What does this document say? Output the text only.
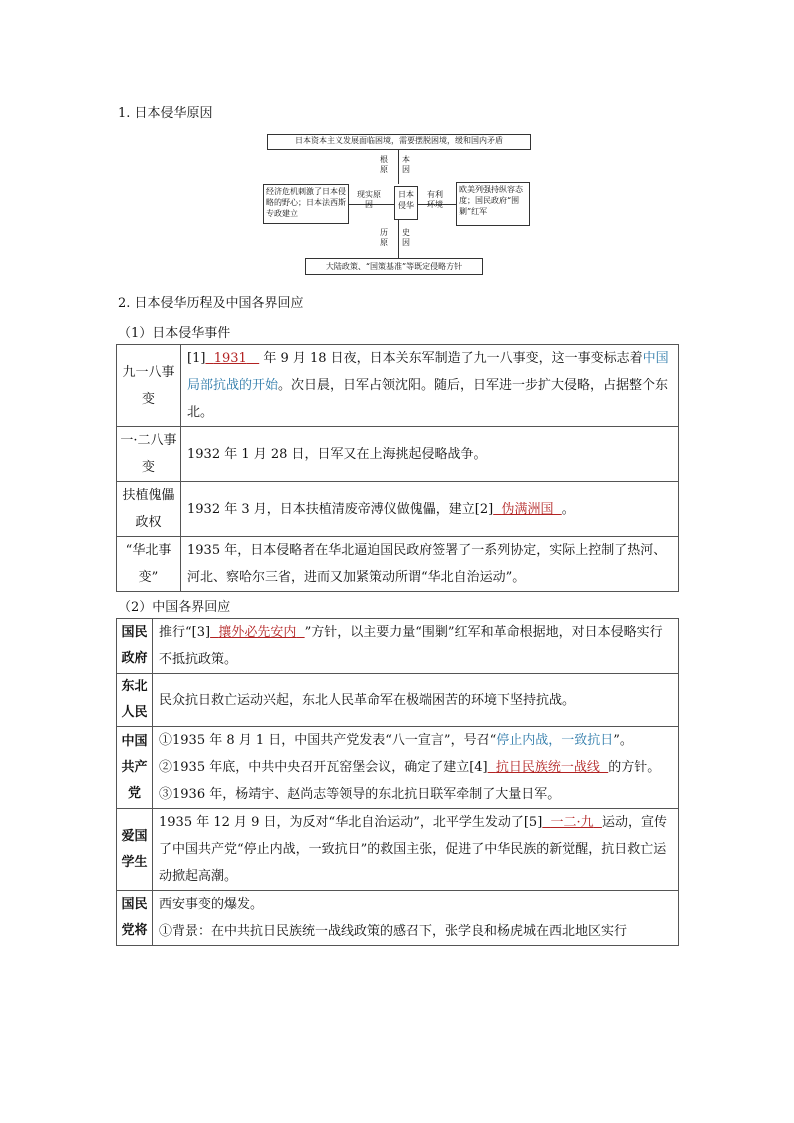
1. 日本侵华原因
日本资本主义发展面临困境，需要摆脱困境，缓和国内矛盾
根原
本因
经济危机刺激了日本侵略的野心；日本法西斯专政建立
现实原因
日本侵华
有利环境
欧美列强持纵容态度；国民政府“围剿”红军
历原
史因
大陆政策、“国策基准”等既定侵略方针
2. 日本侵华历程及中国各界回应
（1）日本侵华事件
九一八事变	[1] 1931 年 9 月 18 日夜，日本关东军制造了九一八事变，这一事变标志着中国局部抗战的开始。次日晨，日军占领沈阳。随后，日军进一步扩大侵略，占据整个东北。
一·二八事变	1932 年 1 月 28 日，日军又在上海挑起侵略战争。
扶植傀儡政权	1932 年 3 月，日本扶植清废帝溥仪做傀儡，建立[2] 伪满洲国 。
“华北事变”	1935 年，日本侵略者在华北逼迫国民政府签署了一系列协定，实际上控制了热河、河北、察哈尔三省，进而又加紧策动所谓“华北自治运动”。
（2）中国各界回应
国民政府	推行“[3] 攘外必先安内 ”方针，以主要力量“围剿”红军和革命根据地，对日本侵略实行不抵抗政策。
东北人民	民众抗日救亡运动兴起，东北人民革命军在极端困苦的环境下坚持抗战。
中国共产党	①1935 年 8 月 1 日，中国共产党发表“八一宣言”，号召“停止内战，一致抗日”。
②1935 年底，中共中央召开瓦窑堡会议，确定了建立[4] 抗日民族统一战线 的方针。
③1936 年，杨靖宇、赵尚志等领导的东北抗日联军牵制了大量日军。

爱国学生	1935 年 12 月 9 日，为反对“华北自治运动”，北平学生发动了[5] 一二·九 运动，宣传了中国共产党“停止内战，一致抗日”的救国主张，促进了中华民族的新觉醒，抗日救亡运动掀起高潮。
国民党将	西安事变的爆发。
①背景：在中共抗日民族统一战线政策的感召下，张学良和杨虎城在西北地区实行
